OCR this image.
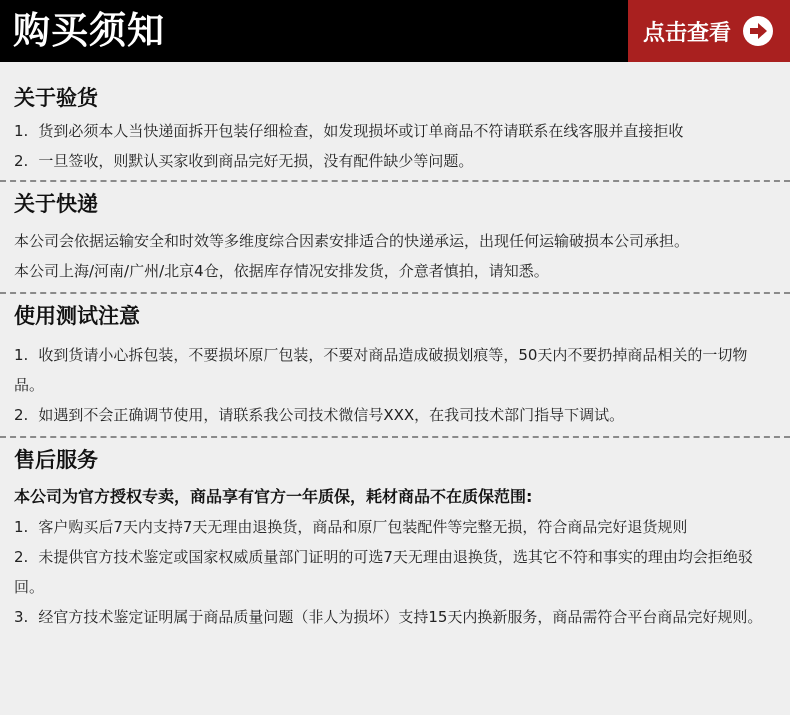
购买须知	点击查看
关于验货

1. 货到必须本人当快递面拆开包装仔细检查，如发现损坏或订单商品不符请联系在线客服并直接拒收

2. 一旦签收，则默认买家收到商品完好无损，没有配件缺少等问题。

关于快递

本公司会依据运输安全和时效等多维度综合因素安排适合的快递承运，出现任何运输破损本公司承担。

本公司上海/河南/广州/北京4仓，依据库存情况安排发货，介意者慎拍，请知悉。

使用测试注意

1. 收到货请小心拆包装，不要损坏原厂包装，不要对商品造成破损划痕等，50天内不要扔掉商品相关的一切物品。

2. 如遇到不会正确调节使用，请联系我公司技术微信号XXX，在我司技术部门指导下调试。

售后服务

本公司为官方授权专卖，商品享有官方一年质保，耗材商品不在质保范围:

1. 客户购买后7天内支持7天无理由退换货，商品和原厂包装配件等完整无损，符合商品完好退货规则

2. 未提供官方技术鉴定或国家权威质量部门证明的可选7天无理由退换货，选其它不符和事实的理由均会拒绝驳回。

3. 经官方技术鉴定证明属于商品质量问题（非人为损坏）支持15天内换新服务，商品需符合平台商品完好规则。
